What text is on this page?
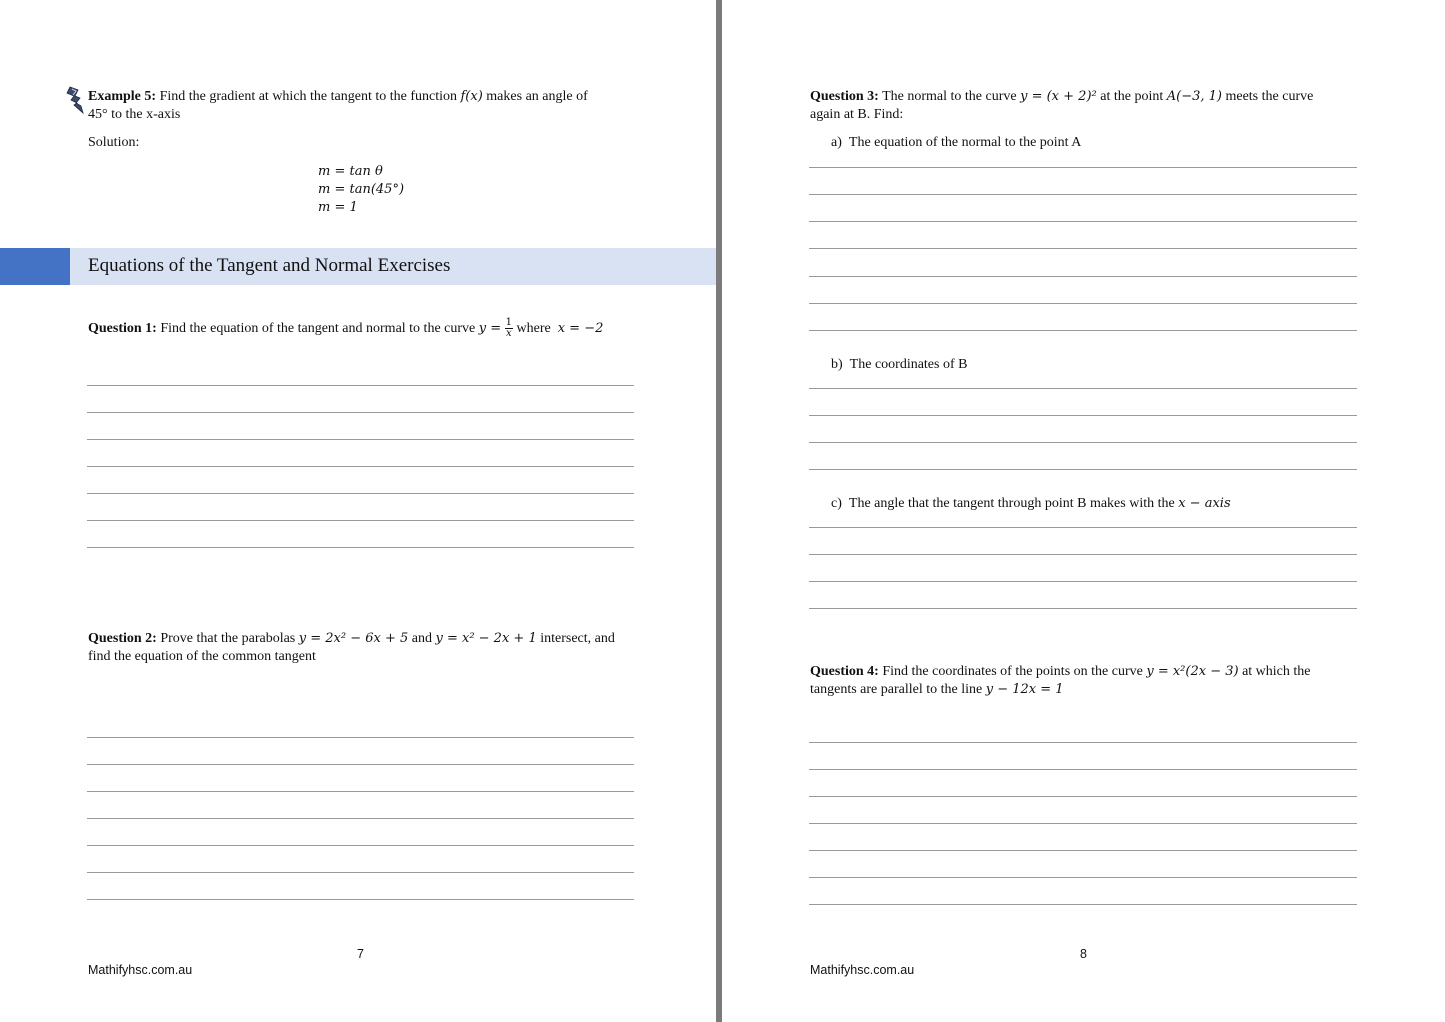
Example 5: Find the gradient at which the tangent to the function f(x) makes an angle of
45° to the x-axis
Solution:
m = tan θ
m = tan(45°)
m = 1
Equations of the Tangent and Normal Exercises
Question 1: Find the equation of the tangent and normal to the curve $y = \frac{1}{x}$ where  x = −2
Question 2: Prove that the parabolas y = 2x² − 6x + 5 and y = x² − 2x + 1 intersect, and
find the equation of the common tangent
7
Mathifyhsc.com.au
Question 3: The normal to the curve y = (x + 2)² at the point A(−3, 1) meets the curve
again at B. Find:
a) The equation of the normal to the point A
b) The coordinates of B
c) The angle that the tangent through point B makes with the x − axis
Question 4: Find the coordinates of the points on the curve y = x²(2x − 3) at which the
tangents are parallel to the line y − 12x = 1
8
Mathifyhsc.com.au
